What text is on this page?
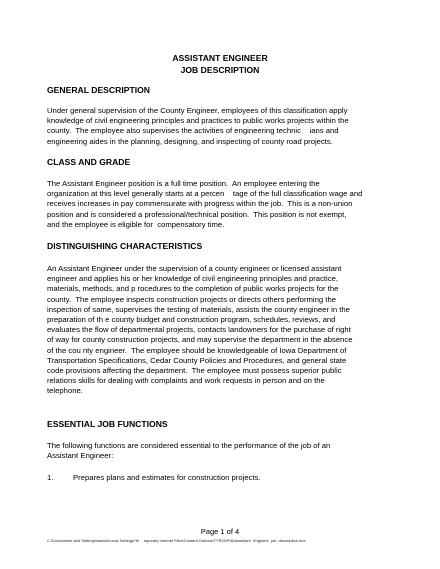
ASSISTANT ENGINEER
JOB DESCRIPTION
GENERAL DESCRIPTION
Under general supervision of the County Engineer, employees of this classification apply
knowledge of civil engineering principles and practices to public works projects within the
county.  The employee also supervises the activities of engineering technic    ians and
engineering aides in the planning, designing, and inspecting of county road projects.
CLASS AND GRADE
The Assistant Engineer position is a full time position.  An employee entering the
organization at this level generally starts at a percen    tage of the full classification wage and
receives increases in pay commensurate with progress within the job.  This is a non-union
position and is considered a professional/technical position.  This position is not exempt,
and the employee is eligible for  compensatory time.
DISTINGUISHING CHARACTERISTICS
An Assistant Engineer under the supervision of a county engineer or licensed assistant
engineer and applies his or her knowledge of civil engineering principles and practice,
materials, methods, and p rocedures to the completion of public works projects for the
county.  The employee inspects construction projects or directs others performing the
inspection of same, supervises the testing of materials, assists the county engineer in the
preparation of th e county budget and construction program, schedules, reviews, and
evaluates the flow of departmental projects, contacts landowners for the purchase of right
of way for county construction projects, and may supervise the department in the absence
of the cou nty engineer.  The employee should be knowledgeable of Iowa Department of
Transportation Specifications, Cedar County Policies and Procedures, and general state
code provisions affecting the department.  The employee must possess superior public
relations skills for dealing with complaints and work requests in person and on the
telephone.
ESSENTIAL JOB FUNCTIONS
The following functions are considered essential to the performance of the job of an
Assistant Engineer:
1.	Prepares plans and estimates for construction projects.
Page 1 of 4
C:\Documents and Settings\sarahi\Local Settings\Te    mporary Internet Files\Content.Outlook\7YR2GPIA\Assistant  Engineer  job  description.doc
